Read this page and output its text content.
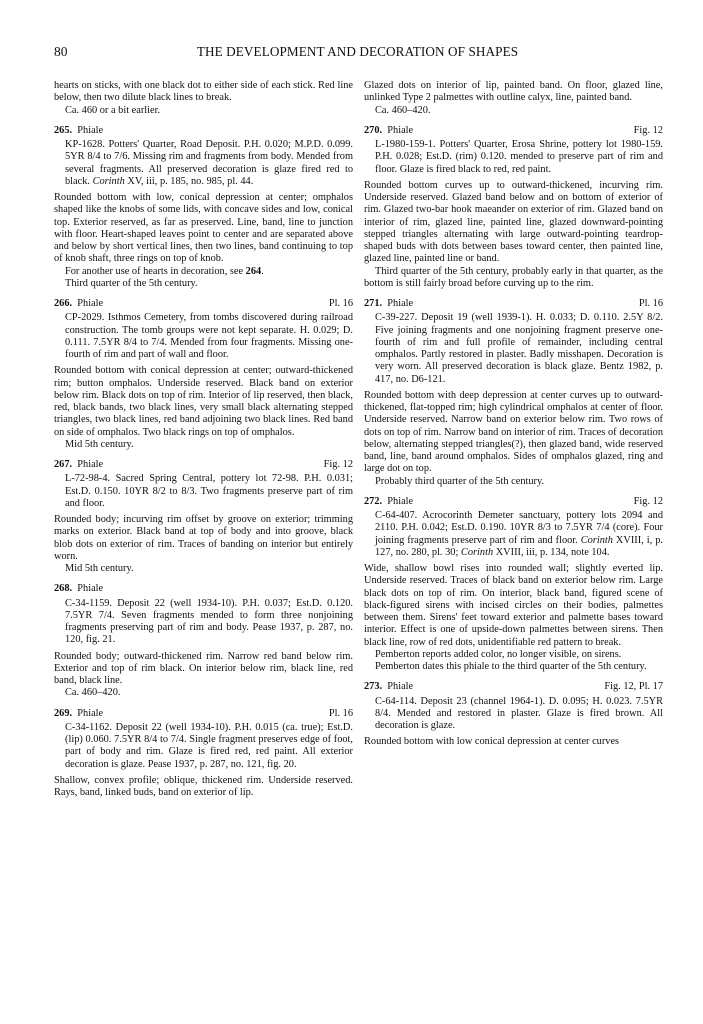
80	THE DEVELOPMENT AND DECORATION OF SHAPES

hearts on sticks, with one black dot to either side of each stick. Red line below, then two dilute black lines to break.

Ca. 460 or a bit earlier.

265. Phiale

KP-1628. Potters' Quarter, Road Deposit. P.H. 0.020; M.P.D. 0.099. 5YR 8/4 to 7/6. Missing rim and fragments from body. Mended from several fragments. All preserved decoration is glaze fired red to black. Corinth XV, iii, p. 185, no. 985, pl. 44.

Rounded bottom with low, conical depression at center; omphalos shaped like the knobs of some lids, with concave sides and low, conical top. Exterior reserved, as far as preserved. Line, band, line to junction with floor. Heart-shaped leaves point to center and are separated above and below by short vertical lines, then two lines, band continuing to top of knob shaft, three rings on top of knob.

For another use of hearts in decoration, see 264.

Third quarter of the 5th century.

266. Phiale	Pl. 16

CP-2029. Isthmos Cemetery, from tombs discovered during railroad construction. The tomb groups were not kept separate. H. 0.029; D. 0.111. 7.5YR 8/4 to 7/4. Mended from four fragments. Missing one-fourth of rim and part of wall and floor.

Rounded bottom with conical depression at center; outward-thickened rim; button omphalos. Underside reserved. Black band on exterior below rim. Black dots on top of rim. Interior of lip reserved, then black, red, black bands, two black lines, very small black alternating stepped triangles, two black lines, red band adjoining two black lines. Red band on side of omphalos. Two black rings on top of omphalos.

Mid 5th century.

267. Phiale	Fig. 12

L-72-98-4. Sacred Spring Central, pottery lot 72-98. P.H. 0.031; Est.D. 0.150. 10YR 8/2 to 8/3. Two fragments preserve part of rim and floor.

Rounded body; incurving rim offset by groove on exterior; trimming marks on exterior. Black band at top of body and into groove, black blob dots on exterior of rim. Traces of banding on interior but entirely worn.

Mid 5th century.

268. Phiale

C-34-1159. Deposit 22 (well 1934-10). P.H. 0.037; Est.D. 0.120. 7.5YR 7/4. Seven fragments mended to form three nonjoining fragments preserving part of rim and body. Pease 1937, p. 287, no. 120, fig. 21.

Rounded body; outward-thickened rim. Narrow red band below rim. Exterior and top of rim black. On interior below rim, black line, red band, black line.

Ca. 460–420.

269. Phiale	Pl. 16

C-34-1162. Deposit 22 (well 1934-10). P.H. 0.015 (ca. true); Est.D. (lip) 0.060. 7.5YR 8/4 to 7/4. Single fragment preserves edge of foot, part of body and rim. Glaze is fired red, red paint. All exterior decoration is glaze. Pease 1937, p. 287, no. 121, fig. 20.

Shallow, convex profile; oblique, thickened rim. Underside reserved. Rays, band, linked buds, band on exterior of lip.

Glazed dots on interior of lip, painted band. On floor, glazed line, unlinked Type 2 palmettes with outline calyx, line, painted band.

Ca. 460–420.

270. Phiale	Fig. 12

L-1980-159-1. Potters' Quarter, Erosa Shrine, pottery lot 1980-159. P.H. 0.028; Est.D. (rim) 0.120. mended to preserve part of rim and floor. Glaze is fired black to red, red paint.

Rounded bottom curves up to outward-thickened, incurving rim. Underside reserved. Glazed band below and on bottom of exterior of rim. Glazed two-bar hook maeander on exterior of rim. Glazed band on interior of rim, glazed line, painted line, glazed downward-pointing stepped triangles alternating with large outward-pointing teardrop-shaped buds with dots between bases toward center, then painted line, glazed line, painted line or band.

Third quarter of the 5th century, probably early in that quarter, as the bottom is still fairly broad before curving up to the rim.

271. Phiale	Pl. 16

C-39-227. Deposit 19 (well 1939-1). H. 0.033; D. 0.110. 2.5Y 8/2. Five joining fragments and one nonjoining fragment preserve one-fourth of rim and full profile of remainder, including central omphalos. Partly restored in plaster. Badly misshapen. Decoration is very worn. All preserved decoration is black glaze. Bentz 1982, p. 417, no. D6-121.

Rounded bottom with deep depression at center curves up to outward-thickened, flat-topped rim; high cylindrical omphalos at center of floor. Underside reserved. Narrow band on exterior below rim. Two rows of dots on top of rim. Narrow band on interior of rim. Traces of decoration below, alternating stepped triangles(?), then glazed band, wide reserved band, line, band around omphalos. Sides of omphalos glazed, ring and large dot on top.

Probably third quarter of the 5th century.

272. Phiale	Fig. 12

C-64-407. Acrocorinth Demeter sanctuary, pottery lots 2094 and 2110. P.H. 0.042; Est.D. 0.190. 10YR 8/3 to 7.5YR 7/4 (core). Four joining fragments preserve part of rim and floor. Corinth XVIII, i, p. 127, no. 280, pl. 30; Corinth XVIII, iii, p. 134, note 104.

Wide, shallow bowl rises into rounded wall; slightly everted lip. Underside reserved. Traces of black band on exterior below rim. Large black dots on top of rim. On interior, black band, figured scene of black-figured sirens with incised circles on their bodies, palmettes between them. Sirens' feet toward exterior and palmette bases toward interior. Effect is one of upside-down palmettes between sirens. Then black line, row of red dots, unidentifiable red pattern to break.

Pemberton reports added color, no longer visible, on sirens.

Pemberton dates this phiale to the third quarter of the 5th century.

273. Phiale	Fig. 12, Pl. 17

C-64-114. Deposit 23 (channel 1964-1). D. 0.095; H. 0.023. 7.5YR 8/4. Mended and restored in plaster. Glaze is fired brown. All decoration is glaze.

Rounded bottom with low conical depression at center curves
